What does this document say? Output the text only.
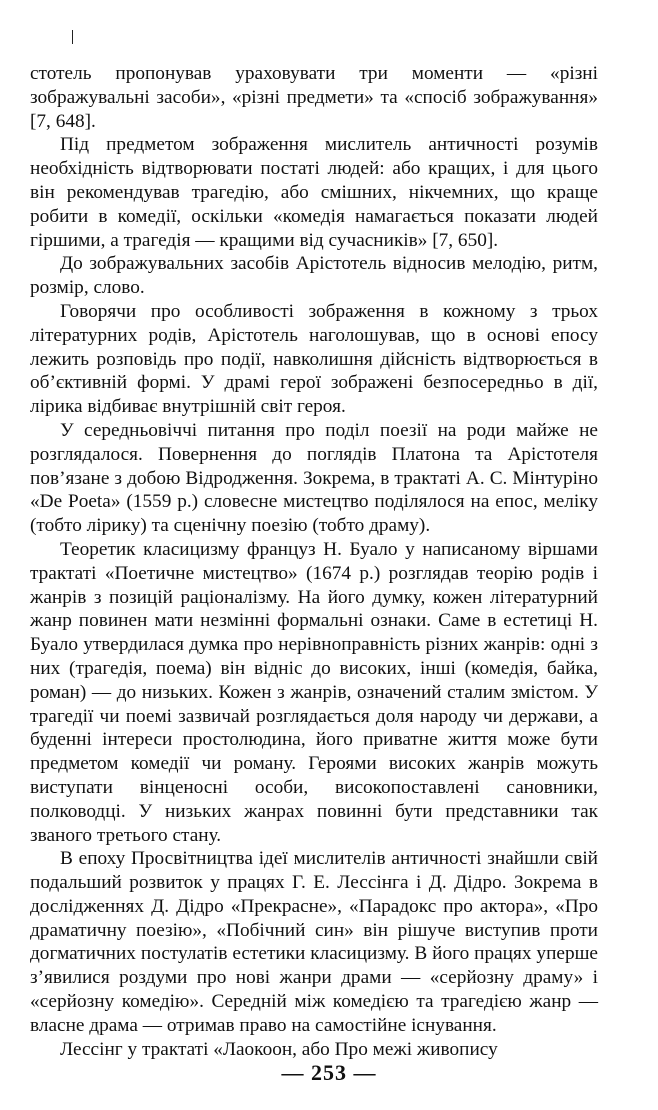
стотель пропонував ураховувати три моменти — «різні зображувальні засоби», «різні предмети» та «спосіб зображування» [7, 648].

Під предметом зображення мислитель античності розумів необхідність відтворювати постаті людей: або кращих, і для цього він рекомендував трагедію, або смішних, нікчемних, що краще робити в комедії, оскільки «комедія намагається показати людей гіршими, а трагедія — кращими від сучасників» [7, 650].

До зображувальних засобів Арістотель відносив мелодію, ритм, розмір, слово.

Говорячи про особливості зображення в кожному з трьох літературних родів, Арістотель наголошував, що в основі епосу лежить розповідь про події, навколишня дійсність відтворюється в об’єктивній формі. У драмі герої зображені безпосередньо в дії, лірика відбиває внутрішній світ героя.

У середньовіччі питання про поділ поезії на роди майже не розглядалося. Повернення до поглядів Платона та Арістотеля пов’язане з добою Відродження. Зокрема, в трактаті А. С. Мінтуріно «De Poeta» (1559 р.) словесне мистецтво поділялося на епос, меліку (тобто лірику) та сценічну поезію (тобто драму).

Теоретик класицизму француз Н. Буало у написаному віршами трактаті «Поетичне мистецтво» (1674 р.) розглядав теорію родів і жанрів з позицій раціоналізму. На його думку, кожен літературний жанр повинен мати незмінні формальні ознаки. Саме в естетиці Н. Буало утвердилася думка про нерівноправність різних жанрів: одні з них (трагедія, поема) він відніс до високих, інші (комедія, байка, роман) — до низьких. Кожен з жанрів, означений сталим змістом. У трагедії чи поемі зазвичай розглядається доля народу чи держави, а буденні інтереси простолюдина, його приватне життя може бути предметом комедії чи роману. Героями високих жанрів можуть виступати вінценосні особи, високопоставлені сановники, полководці. У низьких жанрах повинні бути представники так званого третього стану.

В епоху Просвітництва ідеї мислителів античності знайшли свій подальший розвиток у працях Г. Е. Лессінга і Д. Дідро. Зокрема в дослідженнях Д. Дідро «Прекрасне», «Парадокс про актора», «Про драматичну поезію», «Побічний син» він рішуче виступив проти догматичних постулатів естетики класицизму. В його працях уперше з’явилися роздуми про нові жанри драми — «серйозну драму» і «серйозну комедію». Середній між комедією та трагедією жанр — власне драма — отримав право на самостійне існування.

Лессінг у трактаті «Лаокоон, або Про межі живопису

— 253 —
